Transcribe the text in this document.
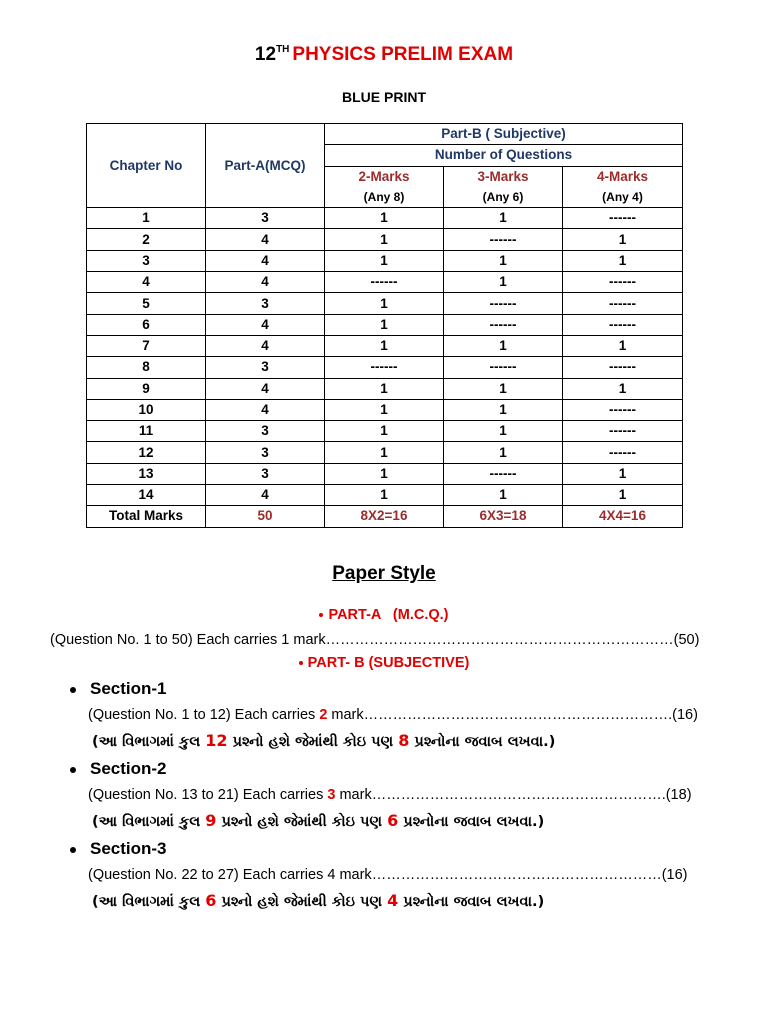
12TH PHYSICS PRELIM EXAM
BLUE PRINT
Chapter No	Part-A(MCQ)	Part-B ( Subjective)		
		Number of Questions		
		2-Marks	3-Marks	4-Marks
		(Any 8)	(Any 6)	(Any 4)
1	3	1	1	------
2	4	1	------	1
3	4	1	1	1
4	4	------	1	------
5	3	1	------	------
6	4	1	------	------
7	4	1	1	1
8	3	------	------	------
9	4	1	1	1
10	4	1	1	------
11	3	1	1	------
12	3	1	1	------
13	3	1	------	1
14	4	1	1	1
Total Marks	50	8X2=16	6X3=18	4X4=16
Paper Style
PART-A   (M.C.Q.)
(Question No. 1 to 50) Each carries 1 mark………………………………………………………………(50)
PART- B (SUBJECTIVE)
Section-1
(Question No. 1 to 12) Each carries 2 mark……………………………………………………….(16)
(આ વિભાગમાં કુલ 12 પ્રશ્નો હશે જેમાંથી કોઇ પણ 8 પ્રશ્નોના જવાબ લખવા.)
Section-2
(Question No. 13 to 21) Each carries 3 mark…………………………………………………….(18)
(આ વિભાગમાં કુલ 9 પ્રશ્નો હશે જેમાંથી કોઇ પણ 6 પ્રશ્નોના જવાબ લખવા.)
Section-3
(Question No. 22 to 27) Each carries 4 mark……………………………………………………(16)
(આ વિભાગમાં કુલ 6 પ્રશ્નો હશે જેમાંથી કોઇ પણ 4 પ્રશ્નોના જવાબ લખવા.)
